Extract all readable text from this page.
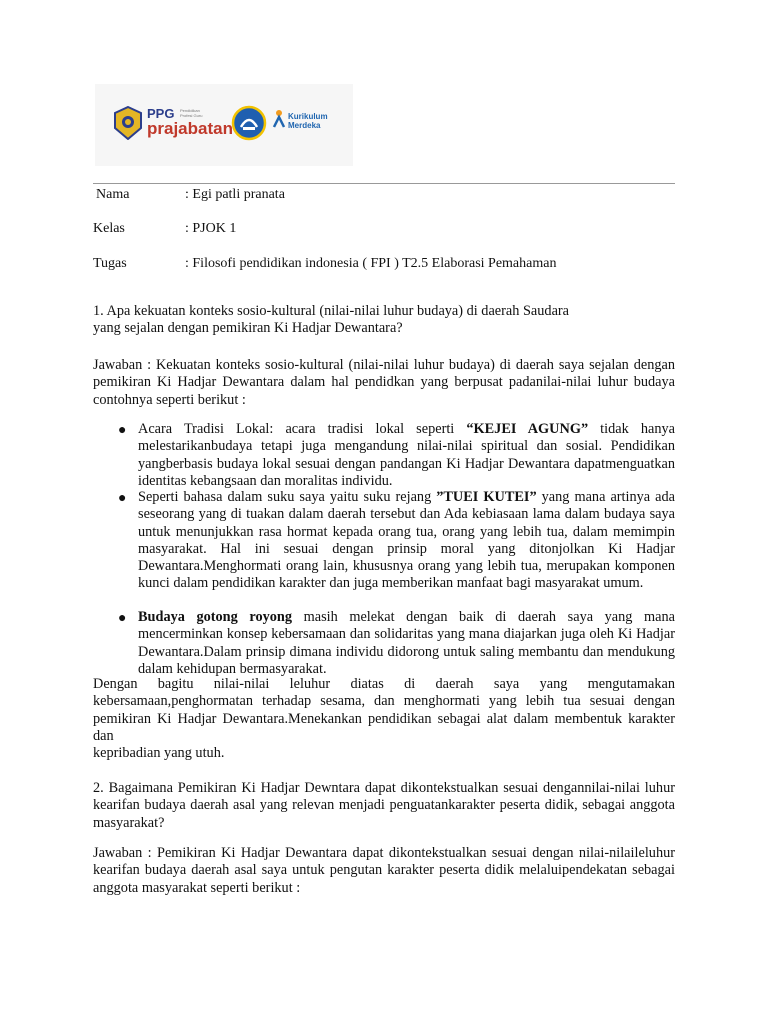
PPG Pendidikan Profesi Guru
prajabatan
Kurikulum
Merdeka
Nama	: Egi patli pranata
Kelas	: PJOK 1
Tugas	: Filosofi pendidikan indonesia ( FPI ) T2.5 Elaborasi Pemahaman
1. Apa kekuatan konteks sosio-kultural (nilai-nilai luhur budaya) di daerah Saudara
yang sejalan dengan pemikiran Ki Hadjar Dewantara?
Jawaban : Kekuatan konteks sosio-kultural (nilai-nilai luhur budaya) di daerah saya sejalan dengan pemikiran Ki Hadjar Dewantara dalam hal pendidkan yang berpusat padanilai-nilai luhur budaya contohnya seperti berikut :
● Acara Tradisi Lokal: acara tradisi lokal seperti “KEJEI AGUNG” tidak hanya melestarikanbudaya tetapi juga mengandung nilai-nilai spiritual dan sosial. Pendidikan yangberbasis budaya lokal sesuai dengan pandangan Ki Hadjar Dewantara dapatmenguatkan identitas kebangsaan dan moralitas individu.
● Seperti bahasa dalam suku saya yaitu suku rejang ”TUEI KUTEI” yang mana artinya ada seseorang yang di tuakan dalam daerah tersebut dan Ada kebiasaan lama dalam budaya saya untuk menunjukkan rasa hormat kepada orang tua, orang yang lebih tua, dalam memimpin masyarakat. Hal ini sesuai dengan prinsip moral yang ditonjolkan Ki Hadjar Dewantara.Menghormati orang lain, khususnya orang yang lebih tua, merupakan komponen kunci dalam pendidikan karakter dan juga memberikan manfaat bagi masyarakat umum.
● Budaya gotong royong masih melekat dengan baik di daerah saya yang mana mencerminkan konsep kebersamaan dan solidaritas yang mana diajarkan juga oleh Ki Hadjar Dewantara.Dalam prinsip dimana individu didorong untuk saling membantu dan mendukung dalam kehidupan bermasyarakat.
Dengan bagitu nilai-nilai leluhur diatas di daerah saya yang mengutamakan kebersamaan,penghormatan terhadap sesama, dan menghormati yang lebih tua sesuai dengan pemikiran Ki Hadjar Dewantara.Menekankan pendidikan sebagai alat dalam membentuk karakter dan
kepribadian yang utuh.
2. Bagaimana Pemikiran Ki Hadjar Dewntara dapat dikontekstualkan sesuai dengannilai-nilai luhur kearifan budaya daerah asal yang relevan menjadi penguatankarakter peserta didik, sebagai anggota masyarakat?
Jawaban : Pemikiran Ki Hadjar Dewantara dapat dikontekstualkan sesuai dengan nilai-nilaileluhur kearifan budaya daerah asal saya untuk pengutan karakter peserta didik melaluipendekatan sebagai anggota masyarakat seperti berikut :
